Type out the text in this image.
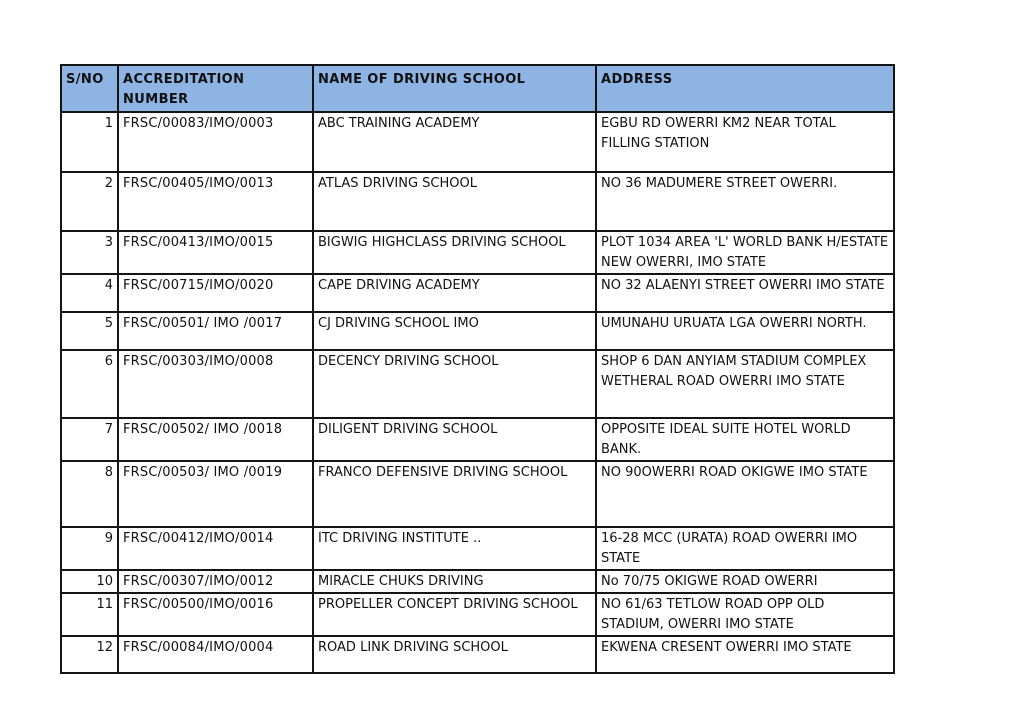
S/NO	ACCREDITATION NUMBER	NAME OF DRIVING SCHOOL	ADDRESS
1	FRSC/00083/IMO/0003	ABC TRAINING ACADEMY	EGBU RD OWERRI KM2 NEAR TOTAL FILLING STATION
2	FRSC/00405/IMO/0013	ATLAS DRIVING SCHOOL	NO 36 MADUMERE STREET OWERRI.
3	FRSC/00413/IMO/0015	BIGWIG HIGHCLASS DRIVING SCHOOL	PLOT 1034 AREA 'L' WORLD BANK H/ESTATE NEW OWERRI, IMO STATE
4	FRSC/00715/IMO/0020	CAPE DRIVING ACADEMY	NO 32 ALAENYI STREET OWERRI IMO STATE
5	FRSC/00501/ IMO /0017	CJ DRIVING SCHOOL IMO	UMUNAHU URUATA LGA OWERRI NORTH.
6	FRSC/00303/IMO/0008	DECENCY DRIVING SCHOOL	SHOP 6 DAN ANYIAM STADIUM COMPLEX WETHERAL ROAD OWERRI IMO STATE
7	FRSC/00502/ IMO /0018	DILIGENT DRIVING SCHOOL	OPPOSITE IDEAL SUITE HOTEL WORLD BANK.
8	FRSC/00503/ IMO /0019	FRANCO DEFENSIVE DRIVING SCHOOL	NO 90OWERRI ROAD OKIGWE IMO STATE
9	FRSC/00412/IMO/0014	ITC DRIVING INSTITUTE ..	16-28 MCC (URATA) ROAD OWERRI IMO STATE
10	FRSC/00307/IMO/0012	MIRACLE CHUKS DRIVING	No 70/75 OKIGWE ROAD OWERRI
11	FRSC/00500/IMO/0016	PROPELLER CONCEPT DRIVING SCHOOL	NO 61/63 TETLOW ROAD OPP OLD STADIUM, OWERRI IMO STATE
12	FRSC/00084/IMO/0004	ROAD LINK DRIVING SCHOOL	EKWENA CRESENT OWERRI IMO STATE
